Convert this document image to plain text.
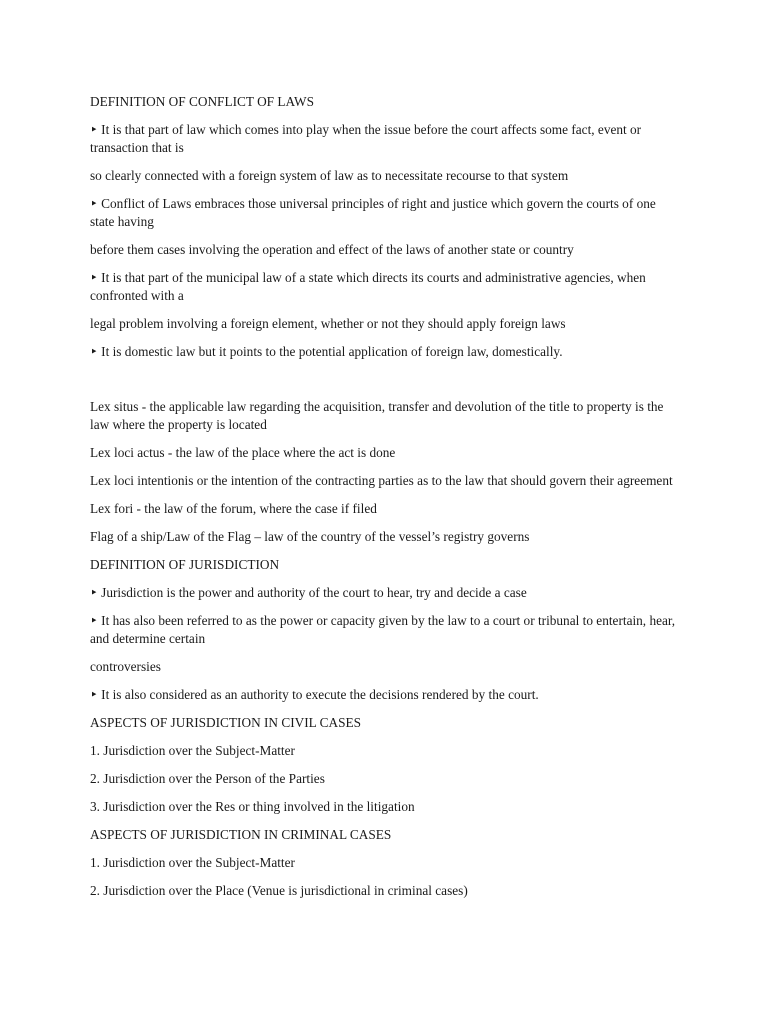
DEFINITION OF CONFLICT OF LAWS

‣ It is that part of law which comes into play when the issue before the court affects some fact, event or transaction that is

so clearly connected with a foreign system of law as to necessitate recourse to that system

‣ Conflict of Laws embraces those universal principles of right and justice which govern the courts of one state having

before them cases involving the operation and effect of the laws of another state or country

‣ It is that part of the municipal law of a state which directs its courts and administrative agencies, when confronted with a

legal problem involving a foreign element, whether or not they should apply foreign laws

‣ It is domestic law but it points to the potential application of foreign law, domestically.

Lex situs - the applicable law regarding the acquisition, transfer and devolution of the title to property is the law where the property is located

Lex loci actus - the law of the place where the act is done

Lex loci intentionis or the intention of the contracting parties as to the law that should govern their agreement

Lex fori - the law of the forum, where the case if filed

Flag of a ship/Law of the Flag – law of the country of the vessel’s registry governs

DEFINITION OF JURISDICTION

‣ Jurisdiction is the power and authority of the court to hear, try and decide a case

‣ It has also been referred to as the power or capacity given by the law to a court or tribunal to entertain, hear, and determine certain

controversies

‣ It is also considered as an authority to execute the decisions rendered by the court.

ASPECTS OF JURISDICTION IN CIVIL CASES

1. Jurisdiction over the Subject-Matter

2. Jurisdiction over the Person of the Parties

3. Jurisdiction over the Res or thing involved in the litigation

ASPECTS OF JURISDICTION IN CRIMINAL CASES

1. Jurisdiction over the Subject-Matter

2. Jurisdiction over the Place (Venue is jurisdictional in criminal cases)
